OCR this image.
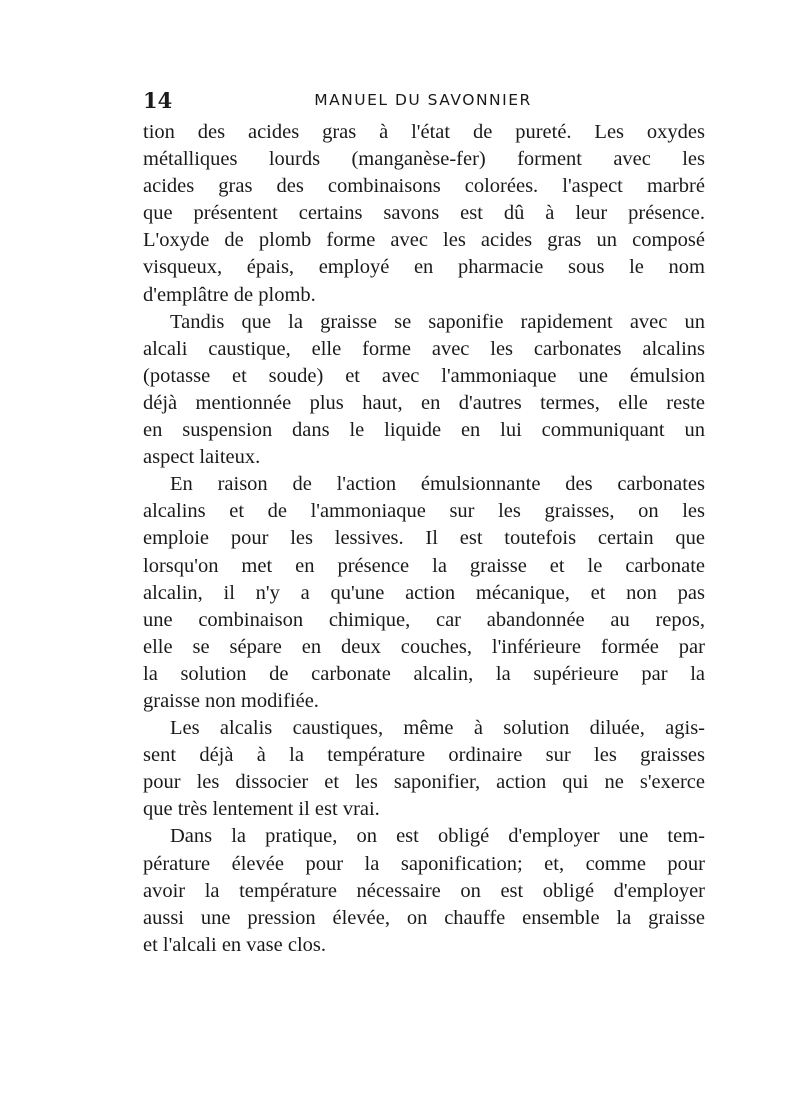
14	MANUEL DU SAVONNIER
tion des acides gras à l'état de pureté. Les oxydes
métalliques lourds (manganèse-fer) forment avec les
acides gras des combinaisons colorées. l'aspect marbré
que présentent certains savons est dû à leur présence.
L'oxyde de plomb forme avec les acides gras un composé
visqueux, épais, employé en pharmacie sous le nom
d'emplâtre de plomb.
Tandis que la graisse se saponifie rapidement avec un
alcali caustique, elle forme avec les carbonates alcalins
(potasse et soude) et avec l'ammoniaque une émulsion
déjà mentionnée plus haut, en d'autres termes, elle reste
en suspension dans le liquide en lui communiquant un
aspect laiteux.
En raison de l'action émulsionnante des carbonates
alcalins et de l'ammoniaque sur les graisses, on les
emploie pour les lessives. Il est toutefois certain que
lorsqu'on met en présence la graisse et le carbonate
alcalin, il n'y a qu'une action mécanique, et non pas
une combinaison chimique, car abandonnée au repos,
elle se sépare en deux couches, l'inférieure formée par
la solution de carbonate alcalin, la supérieure par la
graisse non modifiée.
Les alcalis caustiques, même à solution diluée, agis-
sent déjà à la température ordinaire sur les graisses
pour les dissocier et les saponifier, action qui ne s'exerce
que très lentement il est vrai.
Dans la pratique, on est obligé d'employer une tem-
pérature élevée pour la saponification; et, comme pour
avoir la température nécessaire on est obligé d'employer
aussi une pression élevée, on chauffe ensemble la graisse
et l'alcali en vase clos.
